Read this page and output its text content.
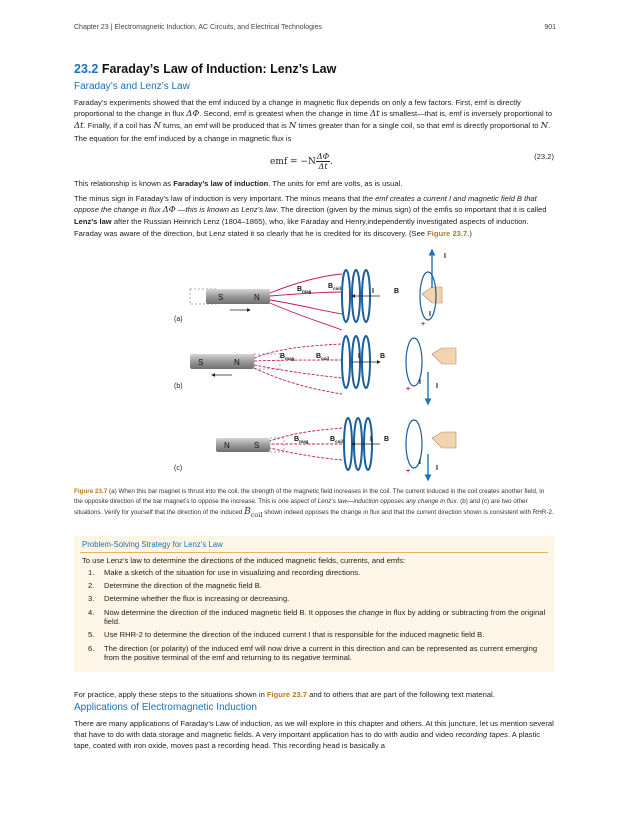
Chapter 23 | Electromagnetic Induction, AC Circuits, and Electrical Technologies	901
23.2 Faraday’s Law of Induction: Lenz’s Law
Faraday’s and Lenz’s Law

Faraday’s experiments showed that the emf induced by a change in magnetic flux depends on only a few factors. First, emf is directly proportional to the change in flux ΔΦ. Second, emf is greatest when the change in time Δt is smallest—that is, emf is inversely proportional to Δt. Finally, if a coil has N turns, an emf will be produced that is N times greater than for a single coil, so that emf is directly proportional to N. The equation for the emf induced by a change in magnetic flux is

emf = $-N \frac{\Delta\Phi}{\Delta t}$ .
(23.2)

This relationship is known as Faraday’s law of induction. The units for emf are volts, as is usual.

The minus sign in Faraday’s law of induction is very important. The minus means that the emf creates a current I and magnetic field B that oppose the change in flux ΔΦ —this is known as Lenz’s law. The direction (given by the minus sign) of the emfis so important that it is called Lenz’s law after the Russian Heinrich Lenz (1804–1865), who, like Faraday and Henry,independently investigated aspects of induction. Faraday was aware of the direction, but Lenz stated it so clearly that he is credited for its discovery. (See Figure 23.7.)

(a)
S	N
$B_{mag}$
$B_{coil}$	I	B
I
I
+
(b)
S	N
$B_{mag}$	$B_{coil}$	I	B
I
I
+
(c)
N	S
$B_{mag}$	$B_{coil}$	I B
I
I
+
Figure 23.7 (a) When this bar magnet is thrust into the coil, the strength of the magnetic field increases in the coil. The current induced in the coil creates another field, in the opposite direction of the bar magnet’s to oppose the increase. This is one aspect of Lenz’s law—induction opposes any change in flux. (b) and (c) are two other situations. Verify for yourself that the direction of the induced $B_{coil}$ shown indeed opposes the change in flux and that the current direction shown is consistent with RHR-2.
Problem-Solving Strategy for Lenz’s Law
To use Lenz’s law to determine the directions of the induced magnetic fields, currents, and emfs:
1. Make a sketch of the situation for use in visualizing and recording directions.
2. Determine the direction of the magnetic field B.
3. Determine whether the flux is increasing or decreasing.
4. Now determine the direction of the induced magnetic field B. It opposes the change in flux by adding or subtracting from the original field.
5. Use RHR-2 to determine the direction of the induced current I that is responsible for the induced magnetic field B.
6. The direction (or polarity) of the induced emf will now drive a current in this direction and can be represented as current emerging from the positive terminal of the emf and returning to its negative terminal.

For practice, apply these steps to the situations shown in Figure 23.7 and to others that are part of the following text material.

Applications of Electromagnetic Induction

There are many applications of Faraday’s Law of induction, as we will explore in this chapter and others. At this juncture, let us mention several that have to do with data storage and magnetic fields. A very important application has to do with audio and video recording tapes. A plastic tape, coated with iron oxide, moves past a recording head. This recording head is basically a
